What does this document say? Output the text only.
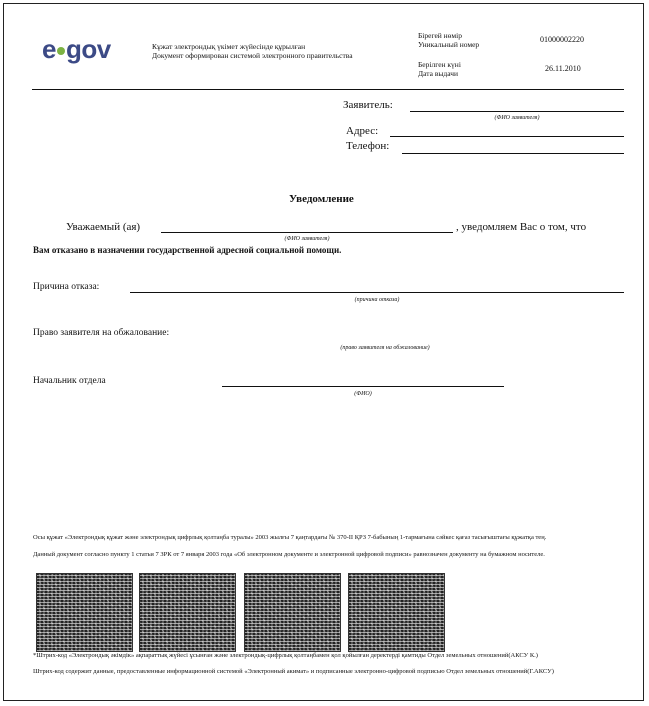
e gov	Кұжат электрондық үкімет жүйесінде құрылған
Документ оформирован системой электронного правительства
Бірегей нөмір
Уникальный номер
01000002220
Берілген күні
Дата выдачи
26.11.2010
Заявитель:
(ФИО заявителя)
Адрес:
Телефон:
Уведомление
Уважаемый (ая)	, уведомляем Вас о том, что
(ФИО заявителя)
Вам отказано в назначении государственной адресной социальной помощи.
Причина отказа:
(причина отказа)
Право заявителя на обжалование:
(право заявителя на обжалование)
Начальник отдела
(ФИО)
Осы құжат «Электрондық құжат және электрондық цифрлық қолтаңба туралы» 2003 жылғы 7 қаңтардағы № 370-II ҚРЗ 7-бабының 1-тармағына сәйкес қағаз тасығыштағы құжатқа тең.
Данный документ согласно пункту 1 статьи 7 ЗРК от 7 января 2003 года «Об электронном документе и электронной цифровой подписи» равнозначен документу на бумажном носителе.
*Штрих-код «Электрондық әкімдік» ақпараттық жүйесі ұсынған және электрондық-цифрлық қолтаңбамен қол қойылған деректерді қамтиды Отдел земельных отношений(АКСУ К.)
Штрих-код содержит данные, предоставленные информационной системой «Электронный акимат» и подписанные электронно-цифровой подписью Отдел земельных отношений(Г.АКСУ)
